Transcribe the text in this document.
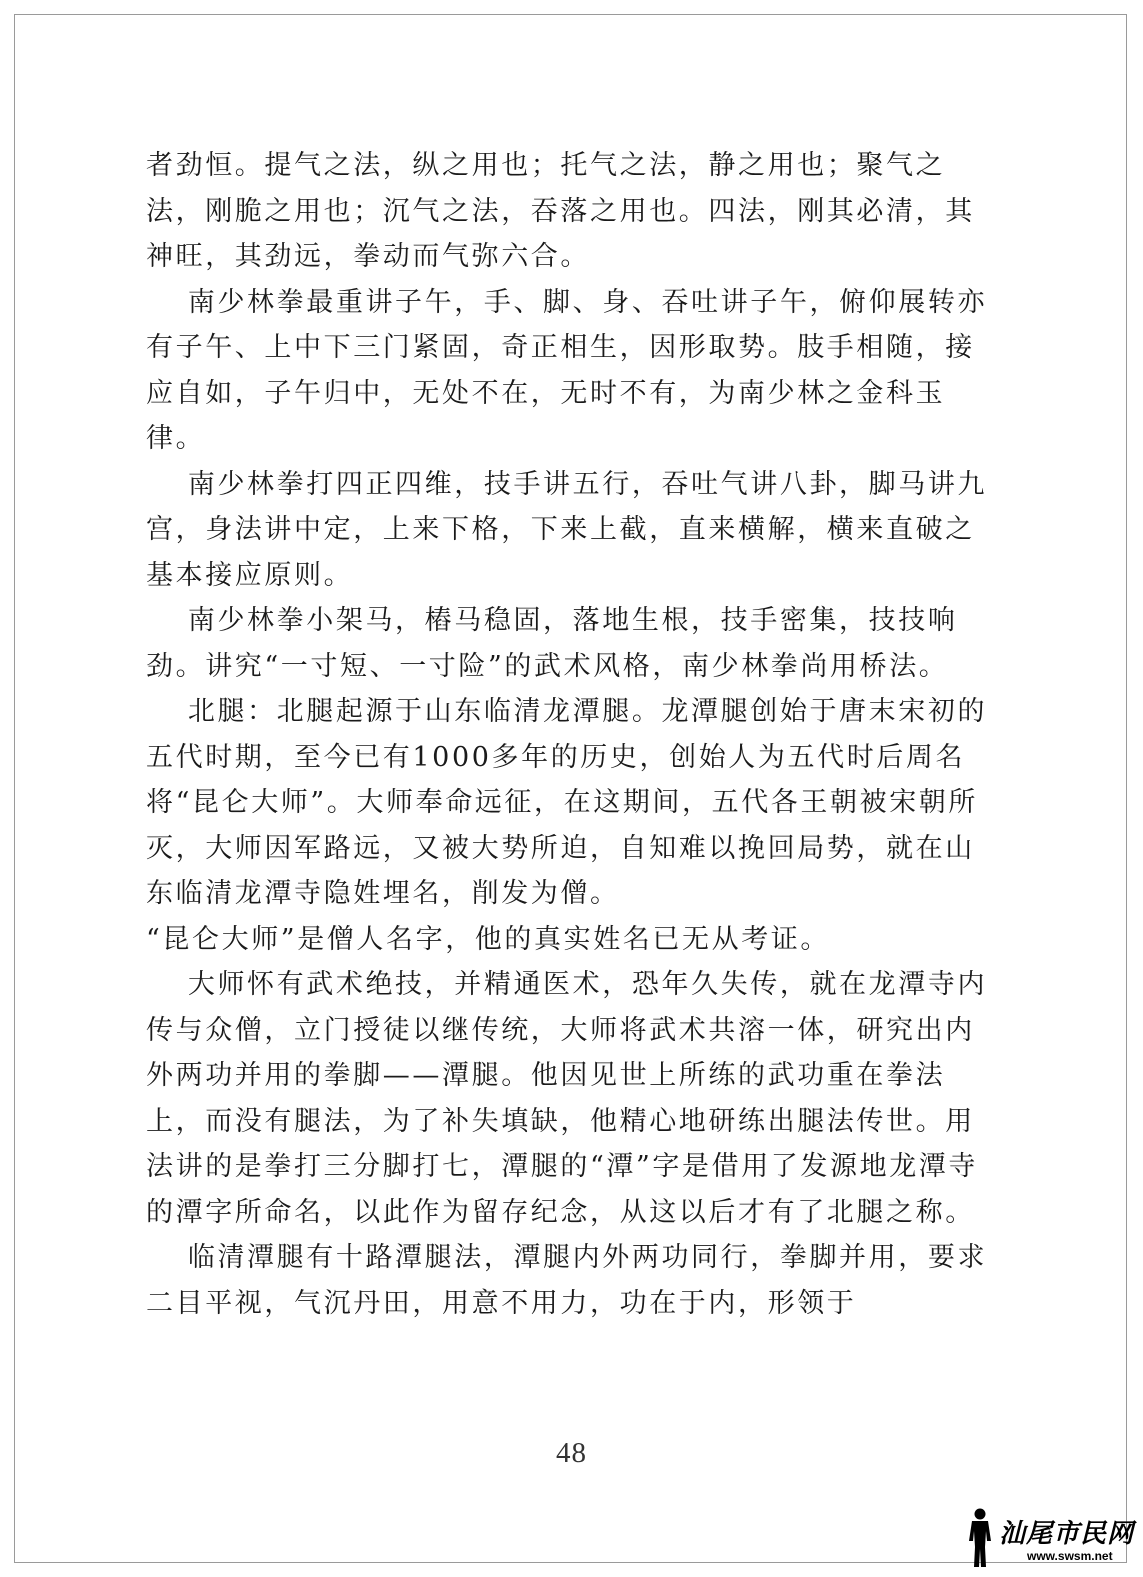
者劲恒。提气之法，纵之用也；托气之法，静之用也；聚气之法，刚脆之用也；沉气之法，吞落之用也。四法，刚其必清，其神旺，其劲远，拳动而气弥六合。

南少林拳最重讲子午，手、脚、身、吞吐讲子午，俯仰展转亦有子午、上中下三门紧固，奇正相生，因形取势。肢手相随，接应自如，子午归中，无处不在，无时不有，为南少林之金科玉律。

南少林拳打四正四维，技手讲五行，吞吐气讲八卦，脚马讲九宫，身法讲中定，上来下格，下来上截，直来横解，横来直破之基本接应原则。

南少林拳小架马，樁马稳固，落地生根，技手密集，技技响劲。讲究“一寸短、一寸险”的武术风格，南少林拳尚用桥法。

北腿：北腿起源于山东临清龙潭腿。龙潭腿创始于唐末宋初的五代时期，至今已有1000多年的历史，创始人为五代时后周名将“昆仑大师”。大师奉命远征，在这期间，五代各王朝被宋朝所灭，大师因军路远，又被大势所迫，自知难以挽回局势，就在山东临清龙潭寺隐姓埋名，削发为僧。

“昆仑大师”是僧人名字，他的真实姓名已无从考证。

大师怀有武术绝技，并精通医术，恐年久失传，就在龙潭寺内传与众僧，立门授徒以继传统，大师将武术共溶一体，研究出内外两功并用的拳脚——潭腿。他因见世上所练的武功重在拳法上，而没有腿法，为了补失填缺，他精心地研练出腿法传世。用法讲的是拳打三分脚打七，潭腿的“潭”字是借用了发源地龙潭寺的潭字所命名，以此作为留存纪念，从这以后才有了北腿之称。

临清潭腿有十路潭腿法，潭腿内外两功同行，拳脚并用，要求二目平视，气沉丹田，用意不用力，功在于内，形领于

48
汕尾市民网
www.swsm.net
